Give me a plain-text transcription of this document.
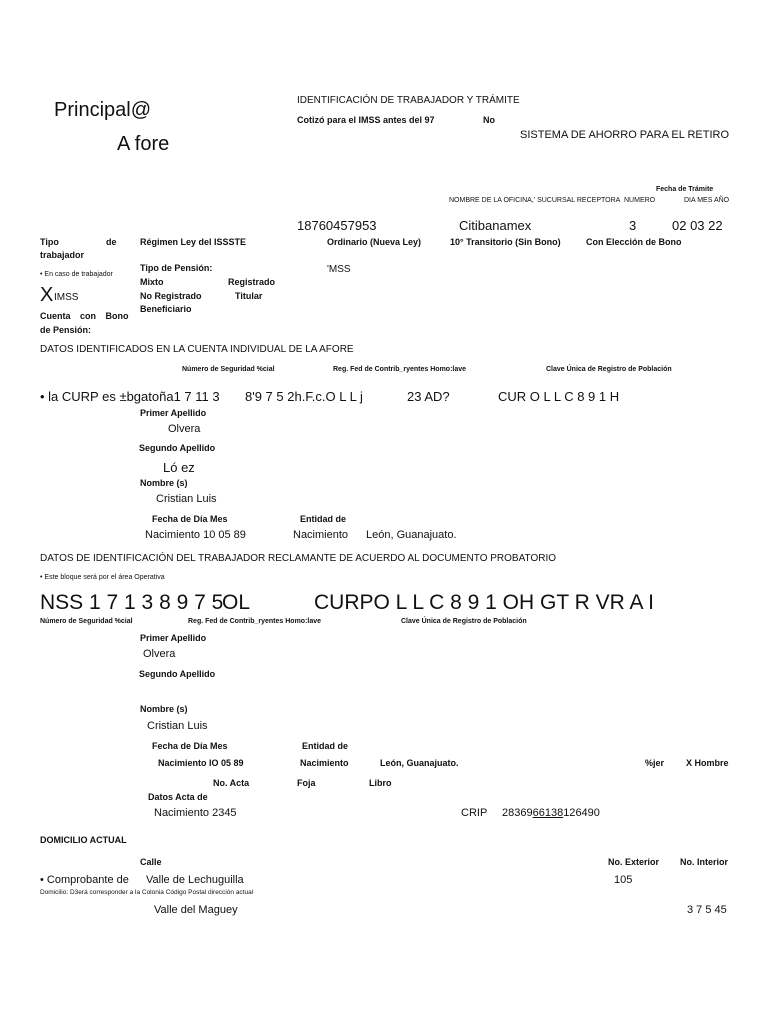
Principal@
A fore
IDENTIFICACIÓN DE TRABAJADOR Y TRÁMITE
Cotizó para el IMSS antes del 97	No
SISTEMA DE AHORRO PARA EL RETIRO
Fecha de Trámite
NOMBRE DE LA OFICINA,' SUCURSAL RECEPTORA NUMERO	DIA MES AÑO
18760457953	Citibanamex	3	02 03 22
Tipo	de
trabajador
Régimen Ley del ISSSTE	Ordinario (Nueva Ley)	10° Transitorio (Sin Bono)	Con Elección de Bono
• En caso de trabajador
Tipo de Pensión:
Mixto	Registrado
No Registrado	Titular
Beneficiario
'MSS
X IMSS
Cuenta con Bono
de Pensión:
DATOS IDENTIFICADOS EN LA CUENTA INDIVIDUAL DE LA AFORE
Número de Seguridad %cial	Reg. Fed de Contrib_ryentes Homo:lave	Clave Única de Registro de Población
• la CURP es ±bgatoña1 7 11 3 8'9 7 5 2h.F.c.O L L j	23 AD?	CUR O L L C 8 9 1 H
Primer Apellido
Olvera
Segundo Apellido
Ló ez
Nombre (s)
Cristian Luis
Fecha de Día Mes	Entidad de
Nacimiento 10 05 89	Nacimiento León, Guanajuato.
DATOS DE IDENTIFICACIÓN DEL TRABAJADOR RECLAMANTE DE ACUERDO AL DOCUMENTO PROBATORIO
• Este bloque será por el área Operativa
NSS 1 7 1 3 8 9 7 5
OL	CURPO L L C 8 9 1 OH GT R VR A I
Número de Seguridad %cial	Reg. Fed de Contrib_ryentes Homo:lave	Clave Única de Registro de Población
Primer Apellido
Olvera
Segundo Apellido
Nombre (s)
Cristian Luis
Fecha de Día Mes	Entidad de
Nacimiento IO 05 89	Nacimiento	León, Guanajuato.	%jer X Hombre
No. Acta	Foja	Libro
Datos Acta de
Nacimiento 2345	CRIP 2836966138126490
DOMICILIO ACTUAL
Calle	No. Exterior No. Interior
• Comprobante de Valle de Lechuguilla	105
Domicilio: D3erá corresponder a la Colonia Código Postal dirección actual
Valle del Maguey	3 7 5 45
